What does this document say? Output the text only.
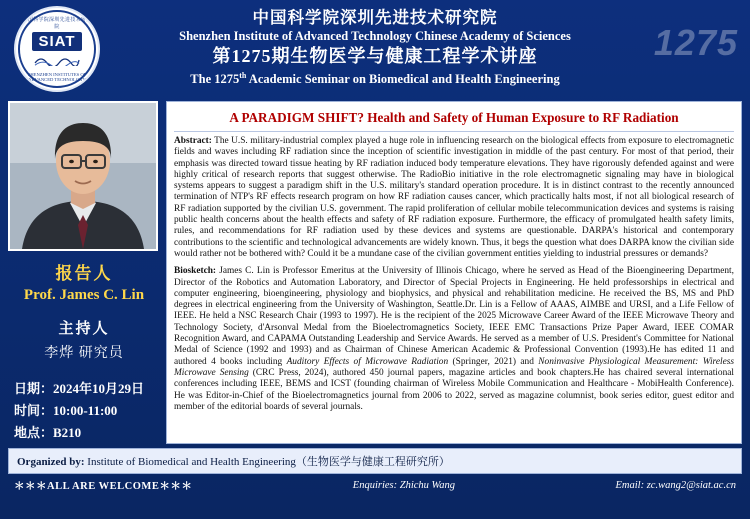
中国科学院深圳先进技术研究院
SIAT
SHENZHEN INSTITUTES OF ADVANCED TECHNOLOGY
1275
中国科学院深圳先进技术研究院
Shenzhen Institute of Advanced Technology Chinese Academy of Sciences
第1275期生物医学与健康工程学术讲座
The 1275th Academic Seminar on Biomedical and Health Engineering
报告人
Prof. James C. Lin
主持人
李烨 研究员
日期：2024年10月29日
时间：10:00-11:00
地点：B210
A PARADIGM SHIFT? Health and Safety of Human Exposure to RF Radiation

Abstract: The U.S. military-industrial complex played a huge role in influencing research on the biological effects from exposure to electromagnetic fields and waves including RF radiation since the inception of scientific investigation in middle of the past century. For most of that period, their emphasis was directed toward tissue heating by RF radiation induced body temperature elevations. They have rigorously defended against and were highly critical of research reports that suggest otherwise. The RadioBio initiative in the role electromagnetic signaling may have in biological systems appears to suggest a paradigm shift in the U.S. military's standard operation procedure. It is in distinct contrast to the recently announced termination of NTP's RF effects research program on how RF radiation causes cancer, which practically halts most, if not all biological research of RF radiation supported by the civilian U.S. government. The rapid proliferation of cellular mobile telecommunication devices and systems is raising public health concerns about the health effects and safety of RF radiation exposure. Furthermore, the efficacy of promulgated health safety limits, rules, and recommendations for RF radiation used by these devices and systems are questionable. DARPA's historical and contemporary contributions to the scientific and technological advancements are widely known. Thus, it begs the question what does DARPA know the civilian side would rather not be bothered with? Could it be a mundane case of the civilian government entities yielding to industrial pressures or demands?

Biosketch: James C. Lin is Professor Emeritus at the University of Illinois Chicago, where he served as Head of the Bioengineering Department, Director of the Robotics and Automation Laboratory, and Director of Special Projects in Engineering. He held professorships in electrical and computer engineering, bioengineering, physiology and biophysics, and physical and rehabilitation medicine. He received the BS, MS and PhD degrees in electrical engineering from the University of Washington, Seattle.Dr. Lin is a Fellow of AAAS, AIMBE and URSI, and a Life Fellow of IEEE. He held a NSC Research Chair (1993 to 1997). He is the recipient of the 2025 Microwave Career Award of the IEEE Microwave Theory and Technology Society, d'Arsonval Medal from the Bioelectromagnetics Society, IEEE EMC Transactions Prize Paper Award, IEEE COMAR Recognition Award, and CAPAMA Outstanding Leadership and Service Awards. He served as a member of U.S. President's Committee for National Medal of Science (1992 and 1993) and as Chairman of Chinese American Academic & Professional Convention (1993).He has edited 11 and authored 4 books including Auditory Effects of Microwave Radiation (Springer, 2021) and Noninvasive Physiological Measurement: Wireless Microwave Sensing (CRC Press, 2024), authored 450 journal papers, magazine articles and book chapters.He has chaired several international conferences including IEEE, BEMS and ICST (founding chairman of Wireless Mobile Communication and Healthcare - MobiHealth Conference). He was Editor-in-Chief of the Bioelectromagnetics journal from 2006 to 2022, served as magazine columnist, book series editor, guest editor and member of the editorial boards of several journals.

Organized by: Institute of Biomedical and Health Engineering（生物医学与健康工程研究所）
＊＊＊ALL ARE WELCOME＊＊＊	Enquiries: Zhichu Wang	Email: zc.wang2@siat.ac.cn
